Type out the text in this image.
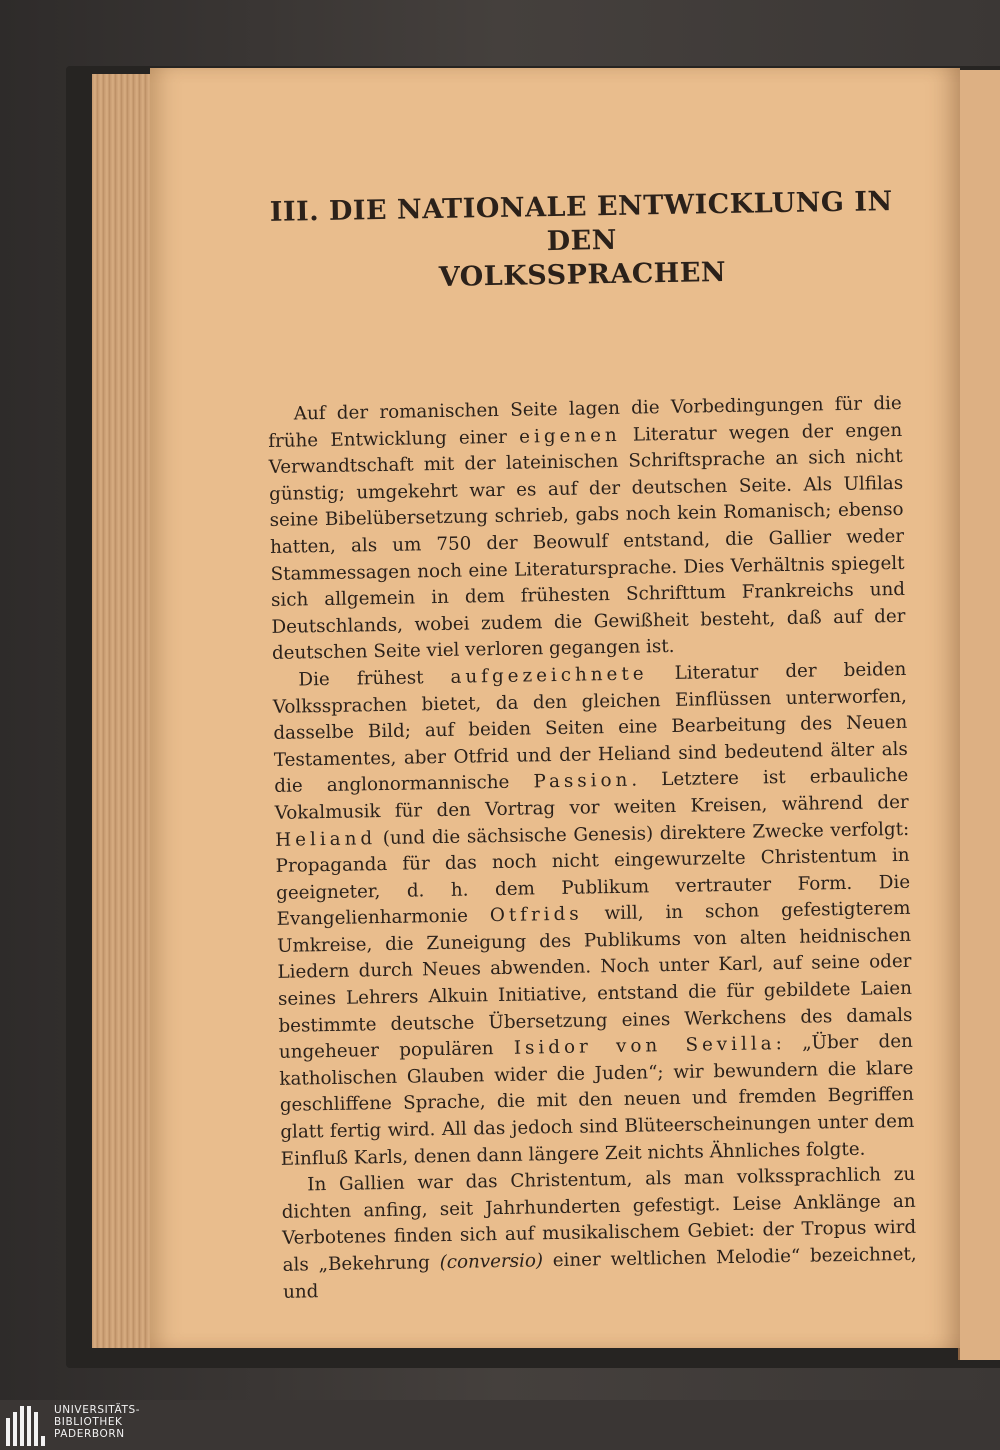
III. DIE NATIONALE ENTWICKLUNG IN DEN
VOLKSSPRACHEN

Auf der romanischen Seite lagen die Vorbedingungen für die frühe Entwicklung einer eigenen Literatur wegen der engen Verwandtschaft mit der lateinischen Schriftsprache an sich nicht günstig; umgekehrt war es auf der deutschen Seite. Als Ulfilas seine Bibelübersetzung schrieb, gabs noch kein Romanisch; ebenso hatten, als um 750 der Beowulf entstand, die Gallier weder Stammessagen noch eine Literatursprache. Dies Verhältnis spiegelt sich allgemein in dem frühesten Schrifttum Frankreichs und Deutschlands, wobei zudem die Gewißheit besteht, daß auf der deutschen Seite viel verloren gegangen ist.

Die frühest aufgezeichnete Literatur der beiden Volkssprachen bietet, da den gleichen Einflüssen unterworfen, dasselbe Bild; auf beiden Seiten eine Bearbeitung des Neuen Testamentes, aber Otfrid und der Heliand sind bedeutend älter als die anglonormannische Passion. Letztere ist erbauliche Vokalmusik für den Vortrag vor weiten Kreisen, während der Heliand (und die sächsische Genesis) direktere Zwecke verfolgt: Propaganda für das noch nicht eingewurzelte Christentum in geeigneter, d. h. dem Publikum vertrauter Form. Die Evangelienharmonie Otfrids will, in schon gefestigterem Umkreise, die Zuneigung des Publikums von alten heidnischen Liedern durch Neues abwenden. Noch unter Karl, auf seine oder seines Lehrers Alkuin Initiative, entstand die für gebildete Laien bestimmte deutsche Übersetzung eines Werkchens des damals ungeheuer populären Isidor von Sevilla: „Über den katholischen Glauben wider die Juden“; wir bewundern die klare geschliffene Sprache, die mit den neuen und fremden Begriffen glatt fertig wird. All das jedoch sind Blüteerscheinungen unter dem Einfluß Karls, denen dann längere Zeit nichts Ähnliches folgte.

In Gallien war das Christentum, als man volkssprachlich zu dichten anfing, seit Jahrhunderten gefestigt. Leise Anklänge an Verbotenes finden sich auf musikalischem Gebiet: der Tropus wird als „Bekehrung (conversio) einer weltlichen Melodie“ bezeichnet, und

UNIVERSITÄTS-
BIBLIOTHEK
PADERBORN
